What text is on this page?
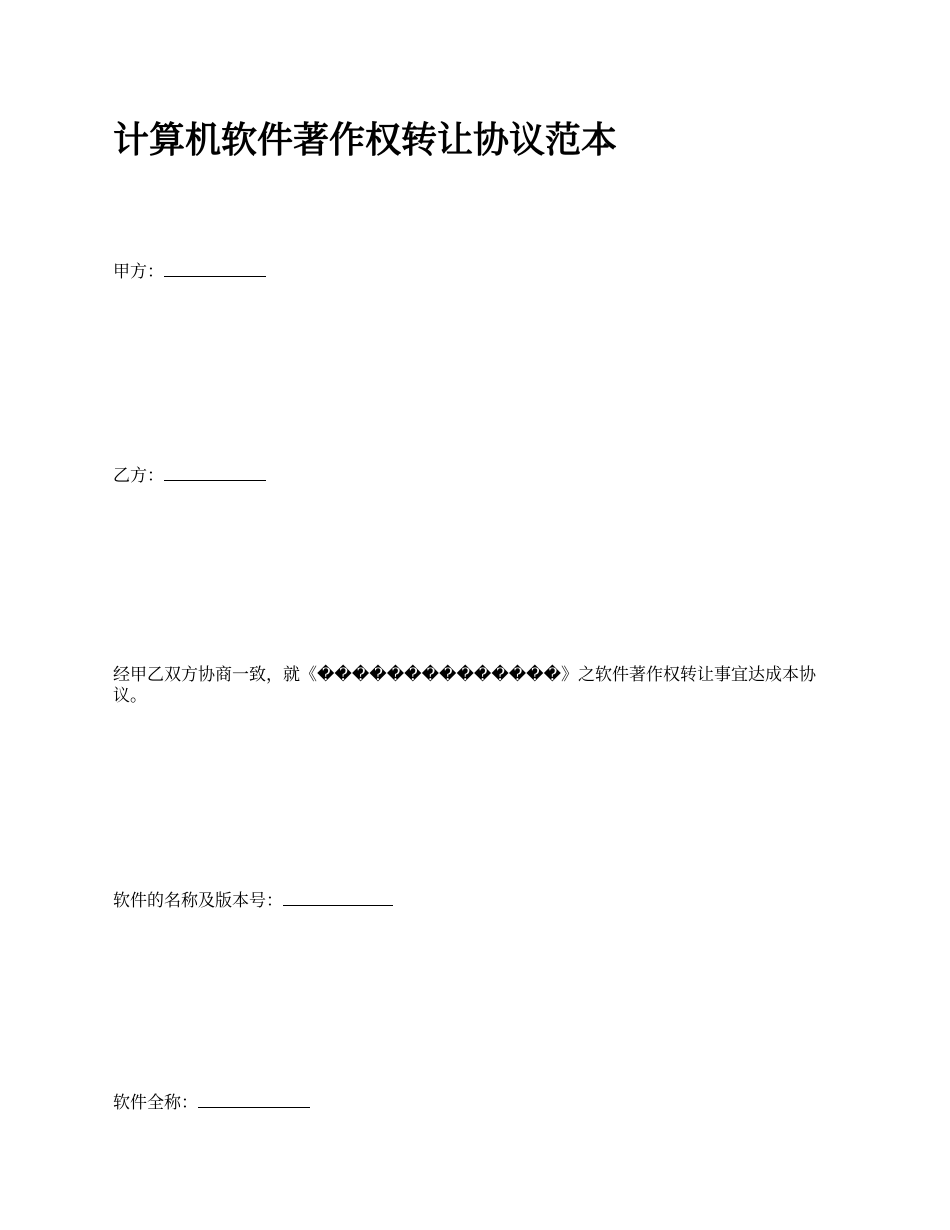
计算机软件著作权转让协议范本

甲方：

乙方：

经甲乙双方协商一致，就《��������������》之软件著作权转让事宜达成本协议。

软件的名称及版本号：

软件全称：
